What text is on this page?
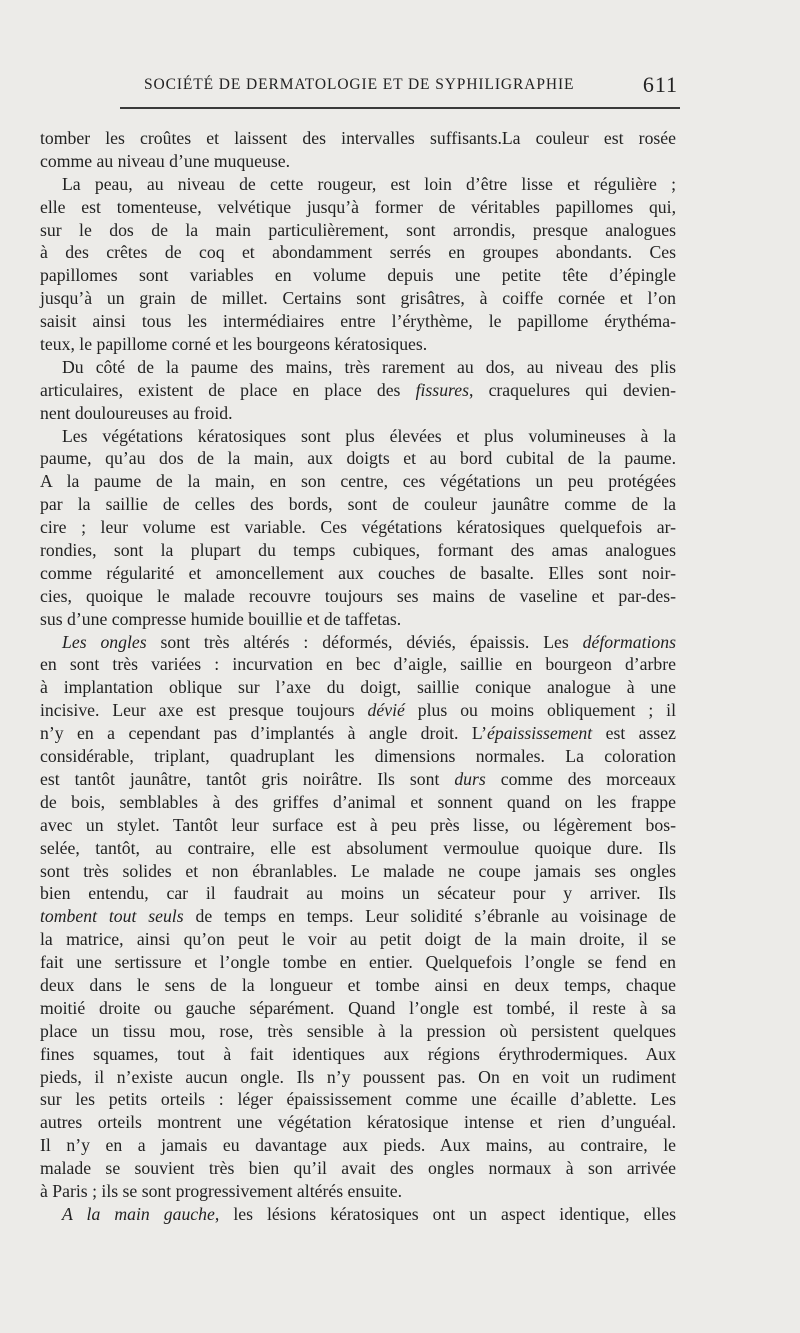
SOCIÉTÉ DE DERMATOLOGIE ET DE SYPHILIGRAPHIE	611
tomber les croûtes et laissent des intervalles suffisants.La couleur est rosée
comme au niveau d’une muqueuse.
La peau, au niveau de cette rougeur, est loin d’être lisse et régulière ;
elle est tomenteuse, velvétique jusqu’à former de véritables papillomes qui,
sur le dos de la main particulièrement, sont arrondis, presque analogues
à des crêtes de coq et abondamment serrés en groupes abondants. Ces
papillomes sont variables en volume depuis une petite tête d’épingle
jusqu’à un grain de millet. Certains sont grisâtres, à coiffe cornée et l’on
saisit ainsi tous les intermédiaires entre l’érythème, le papillome érythéma-
teux, le papillome corné et les bourgeons kératosiques.
Du côté de la paume des mains, très rarement au dos, au niveau des plis
articulaires, existent de place en place des fissures, craquelures qui devien-
nent douloureuses au froid.
Les végétations kératosiques sont plus élevées et plus volumineuses à la
paume, qu’au dos de la main, aux doigts et au bord cubital de la paume.
A la paume de la main, en son centre, ces végétations un peu protégées
par la saillie de celles des bords, sont de couleur jaunâtre comme de la
cire ; leur volume est variable. Ces végétations kératosiques quelquefois ar-
rondies, sont la plupart du temps cubiques, formant des amas analogues
comme régularité et amoncellement aux couches de basalte. Elles sont noir-
cies, quoique le malade recouvre toujours ses mains de vaseline et par-des-
sus d’une compresse humide bouillie et de taffetas.
Les ongles sont très altérés : déformés, déviés, épaissis. Les déformations
en sont très variées : incurvation en bec d’aigle, saillie en bourgeon d’arbre
à implantation oblique sur l’axe du doigt, saillie conique analogue à une
incisive. Leur axe est presque toujours dévié plus ou moins obliquement ; il
n’y en a cependant pas d’implantés à angle droit. L’épaississement est assez
considérable, triplant, quadruplant les dimensions normales. La coloration
est tantôt jaunâtre, tantôt gris noirâtre. Ils sont durs comme des morceaux
de bois, semblables à des griffes d’animal et sonnent quand on les frappe
avec un stylet. Tantôt leur surface est à peu près lisse, ou légèrement bos-
selée, tantôt, au contraire, elle est absolument vermoulue quoique dure. Ils
sont très solides et non ébranlables. Le malade ne coupe jamais ses ongles
bien entendu, car il faudrait au moins un sécateur pour y arriver. Ils
tombent tout seuls de temps en temps. Leur solidité s’ébranle au voisinage de
la matrice, ainsi qu’on peut le voir au petit doigt de la main droite, il se
fait une sertissure et l’ongle tombe en entier. Quelquefois l’ongle se fend en
deux dans le sens de la longueur et tombe ainsi en deux temps, chaque
moitié droite ou gauche séparément. Quand l’ongle est tombé, il reste à sa
place un tissu mou, rose, très sensible à la pression où persistent quelques
fines squames, tout à fait identiques aux régions érythrodermiques. Aux
pieds, il n’existe aucun ongle. Ils n’y poussent pas. On en voit un rudiment
sur les petits orteils : léger épaississement comme une écaille d’ablette. Les
autres orteils montrent une végétation kératosique intense et rien d’unguéal.
Il n’y en a jamais eu davantage aux pieds. Aux mains, au contraire, le
malade se souvient très bien qu’il avait des ongles normaux à son arrivée
à Paris ; ils se sont progressivement altérés ensuite.
A la main gauche, les lésions kératosiques ont un aspect identique, elles
